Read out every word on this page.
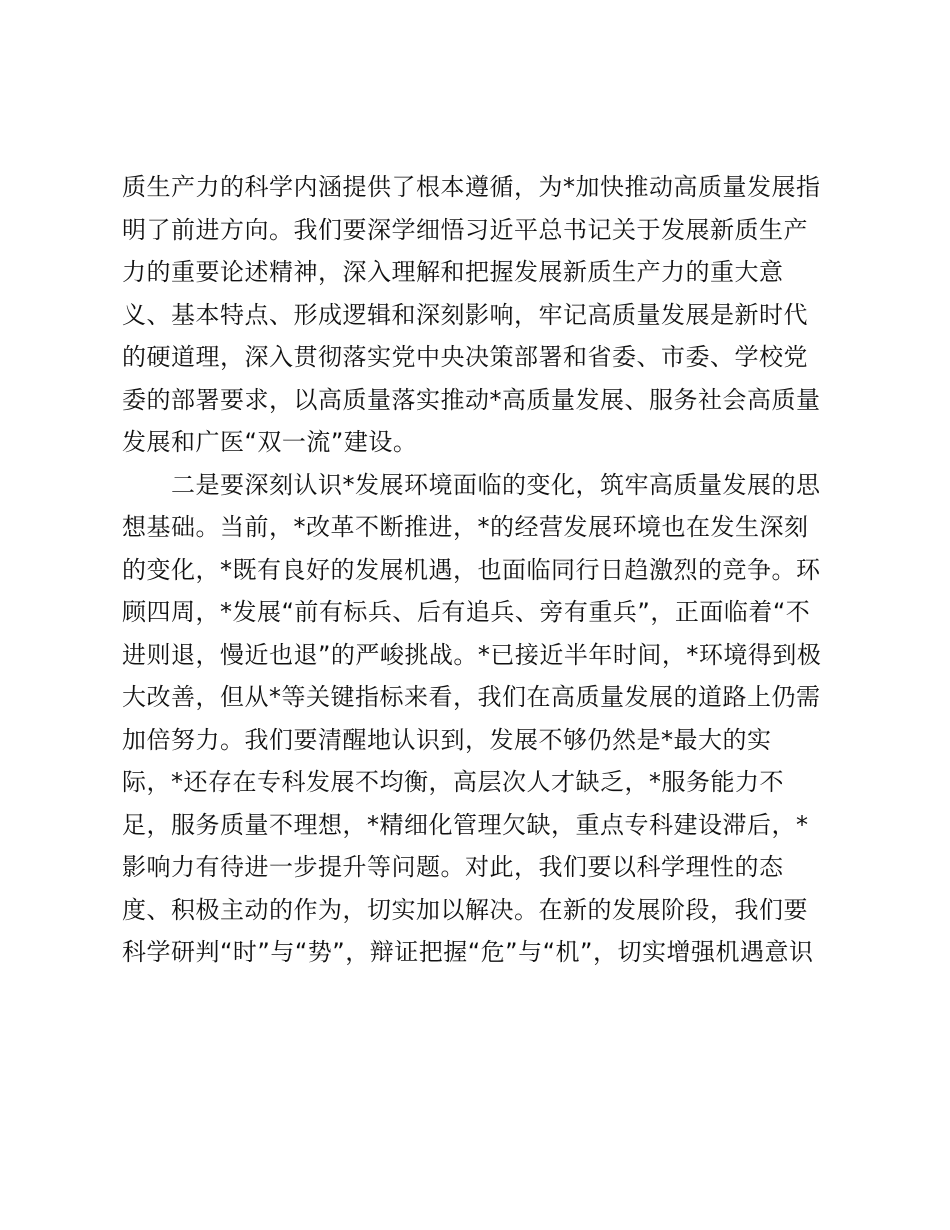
质生产力的科学内涵提供了根本遵循，为*加快推动高质量发展指
明了前进方向。我们要深学细悟习近平总书记关于发展新质生产
力的重要论述精神，深入理解和把握发展新质生产力的重大意
义、基本特点、形成逻辑和深刻影响，牢记高质量发展是新时代
的硬道理，深入贯彻落实党中央决策部署和省委、市委、学校党
委的部署要求，以高质量落实推动*高质量发展、服务社会高质量
发展和广医“双一流”建设。
　　二是要深刻认识*发展环境面临的变化，筑牢高质量发展的思
想基础。当前，*改革不断推进，*的经营发展环境也在发生深刻
的变化，*既有良好的发展机遇，也面临同行日趋激烈的竞争。环
顾四周，*发展“前有标兵、后有追兵、旁有重兵”，正面临着“不
进则退，慢近也退”的严峻挑战。*已接近半年时间，*环境得到极
大改善，但从*等关键指标来看，我们在高质量发展的道路上仍需
加倍努力。我们要清醒地认识到，发展不够仍然是*最大的实
际，*还存在专科发展不均衡，高层次人才缺乏，*服务能力不
足，服务质量不理想，*精细化管理欠缺，重点专科建设滞后，*
影响力有待进一步提升等问题。对此，我们要以科学理性的态
度、积极主动的作为，切实加以解决。在新的发展阶段，我们要
科学研判“时”与“势”，辩证把握“危”与“机”，切实增强机遇意识
